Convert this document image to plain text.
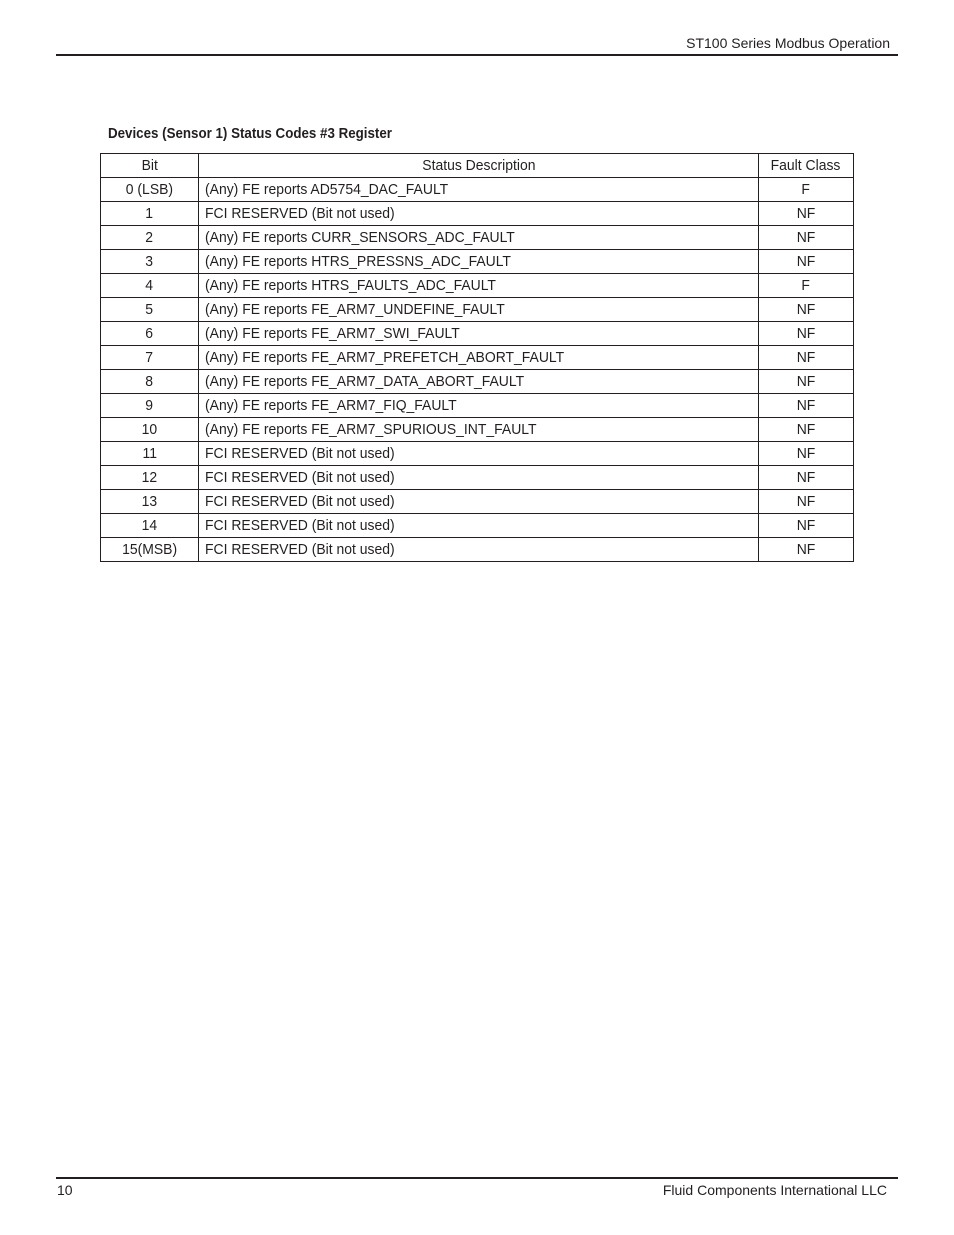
ST100 Series Modbus Operation
Devices (Sensor 1) Status Codes #3 Register
Bit	Status Description	Fault Class
0 (LSB)	(Any) FE reports AD5754_DAC_FAULT	F
1	FCI RESERVED (Bit not used)	NF
2	(Any) FE reports CURR_SENSORS_ADC_FAULT	NF
3	(Any) FE reports HTRS_PRESSNS_ADC_FAULT	NF
4	(Any) FE reports HTRS_FAULTS_ADC_FAULT	F
5	(Any) FE reports FE_ARM7_UNDEFINE_FAULT	NF
6	(Any) FE reports FE_ARM7_SWI_FAULT	NF
7	(Any) FE reports FE_ARM7_PREFETCH_ABORT_FAULT	NF
8	(Any) FE reports FE_ARM7_DATA_ABORT_FAULT	NF
9	(Any) FE reports FE_ARM7_FIQ_FAULT	NF
10	(Any) FE reports FE_ARM7_SPURIOUS_INT_FAULT	NF
11	FCI RESERVED (Bit not used)	NF
12	FCI RESERVED (Bit not used)	NF
13	FCI RESERVED (Bit not used)	NF
14	FCI RESERVED (Bit not used)	NF
15(MSB)	FCI RESERVED (Bit not used)	NF
10	Fluid Components International LLC
